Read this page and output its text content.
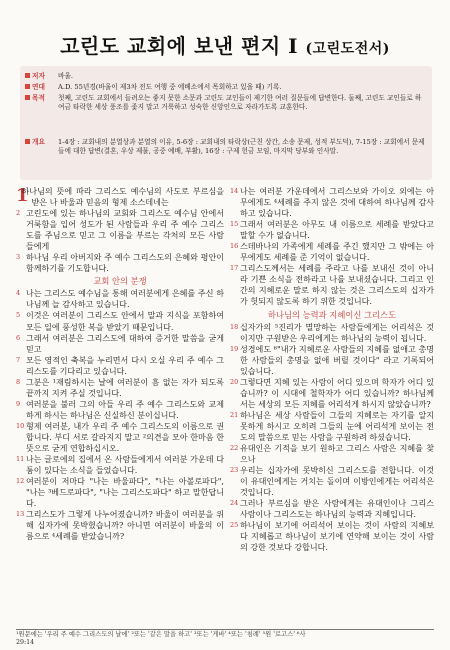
고린도 교회에 보낸 편지 Ⅰ (고린도전서)
저자 바울.
연대 A.D. 55년경(바울이 제3차 전도 여행 중 에베소에서 목회하고 있을 때) 기록.
목적 첫째, 고린도 교회에서 들려오는 좋지 못한 소문과 고린도 교인들이 제기한 여러 질문들에 답변한다. 둘째, 고린도 교인들로 하여금 타락한 세상 풍조를 좇지 말고 거룩하고 성숙한 신앙인으로 자라가도록 교훈한다.
개요 1-4장 : 교회내의 분열상과 분열의 이유, 5-6장 : 교회내의 타락상(근친 상간, 소송 문제, 성적 부도덕), 7-15장 : 교회에서 문제들에 대한 답변(결혼, 우상 제물, 공중 예배, 부활), 16장 : 구제 헌금 모임, 마지막 당부와 인사말.
1
하나님의 뜻에 따라 그리스도 예수님의 사도로 부르심을 받은 나 바울과 믿음의 형제 소스데네는
2 고린도에 있는 하나님의 교회와 그리스도 예수님 안에서 거룩함을 입어 성도가 된 사람들과 우리 주 예수 그리스도를 주님으로 믿고 그 이름을 부르는 각처의 모든 사람들에게
3 하나님 우리 아버지와 주 예수 그리스도의 은혜와 평안이 함께하기를 기도합니다.
교회 안의 분쟁
4 나는 그리스도 예수님을 통해 여러분에게 은혜를 주신 하나님께 늘 감사하고 있습니다.
5 이것은 여러분이 그리스도 안에서 말과 지식을 포함하여 모든 일에 풍성한 복을 받았기 때문입니다.
6 그래서 여러분은 그리스도에 대하여 증거한 말씀을 굳게 믿고
7 모든 영적인 축복을 누리면서 다시 오실 우리 주 예수 그리스도를 기다리고 있습니다.
8 그분은 ¹재림하시는 날에 여러분이 흠 없는 자가 되도록 끝까지 지켜 주실 것입니다.
9 여러분을 불러 그의 아들 우리 주 예수 그리스도와 교제하게 하시는 하나님은 신실하신 분이십니다.
10 형제 여러분, 내가 우리 주 예수 그리스도의 이름으로 권합니다. 부디 서로 갈라지지 말고 ²의견을 모아 한마음 한뜻으로 굳게 연합하십시오.
11 나는 글로에의 집에서 온 사람들에게서 여러분 가운데 다툼이 있다는 소식을 들었습니다.
12 여러분이 저마다 "나는 바울파다", "나는 아볼로파다", "나는 ³베드로파다", "나는 그리스도파다" 하고 말한답니다.
13 그리스도가 그렇게 나누어졌습니까? 바울이 여러분을 위해 십자가에 못박혔습니까? 아니면 여러분이 바울의 이름으로 ⁴세례를 받았습니까?
14 나는 여러분 가운데에서 그리스보와 가이오 외에는 아무에게도 ⁴세례를 주지 않은 것에 대하여 하나님께 감사하고 있습니다.
15 그래서 여러분은 아무도 내 이름으로 세례를 받았다고 말할 수가 없습니다.
16 스데바나의 가족에게 세례를 주긴 했지만 그 밖에는 아무에게도 세례를 준 기억이 없습니다.
17 그리스도께서는 세례를 주라고 나를 보내신 것이 아니라 기쁜 소식을 전하라고 나를 보내셨습니다. 그리고 인간의 지혜로운 말로 하지 않는 것은 그리스도의 십자가가 헛되지 않도록 하기 위한 것입니다.
하나님의 능력과 지혜이신 그리스도
18 십자가의 ⁵진리가 멸망하는 사람들에게는 어리석은 것이지만 구원받은 우리에게는 하나님의 능력이 됩니다.
19 성경에도 ⁶"내가 지혜로운 사람들의 지혜를 없애고 총명한 사람들의 총명을 없애 버릴 것이다" 라고 기록되어 있습니다.
20 그렇다면 지혜 있는 사람이 어디 있으며 학자가 어디 있습니까? 이 시대에 철학자가 어디 있습니까? 하나님께서는 세상의 모든 지혜를 어리석게 하시지 않았습니까?
21 하나님은 세상 사람들이 그들의 지혜로는 자기를 알지 못하게 하시고 오히려 그들의 눈에 어리석게 보이는 전도의 말씀으로 믿는 사람을 구원하려 하셨습니다.
22 유대인은 기적을 보기 원하고 그리스 사람은 지혜를 찾으나
23 우리는 십자가에 못박히신 그리스도를 전합니다. 이것이 유대인에게는 거치는 돌이며 이방인에게는 어리석은 것입니다.
24 그러나 부르심을 받은 사람에게는 유대인이나 그리스 사람이나 그리스도는 하나님의 능력과 지혜입니다.
25 하나님이 보기에 어리석어 보이는 것이 사람의 지혜보다 지혜롭고 하나님이 보기에 연약해 보이는 것이 사람의 강한 것보다 강합니다.
¹원문에는 '우리 주 예수 그리스도의 날에' ²또는 '같은 말을 하고' ³또는 '게바' ⁴또는 '침례' ⁵원 '로고스' ⁶사
29:14
